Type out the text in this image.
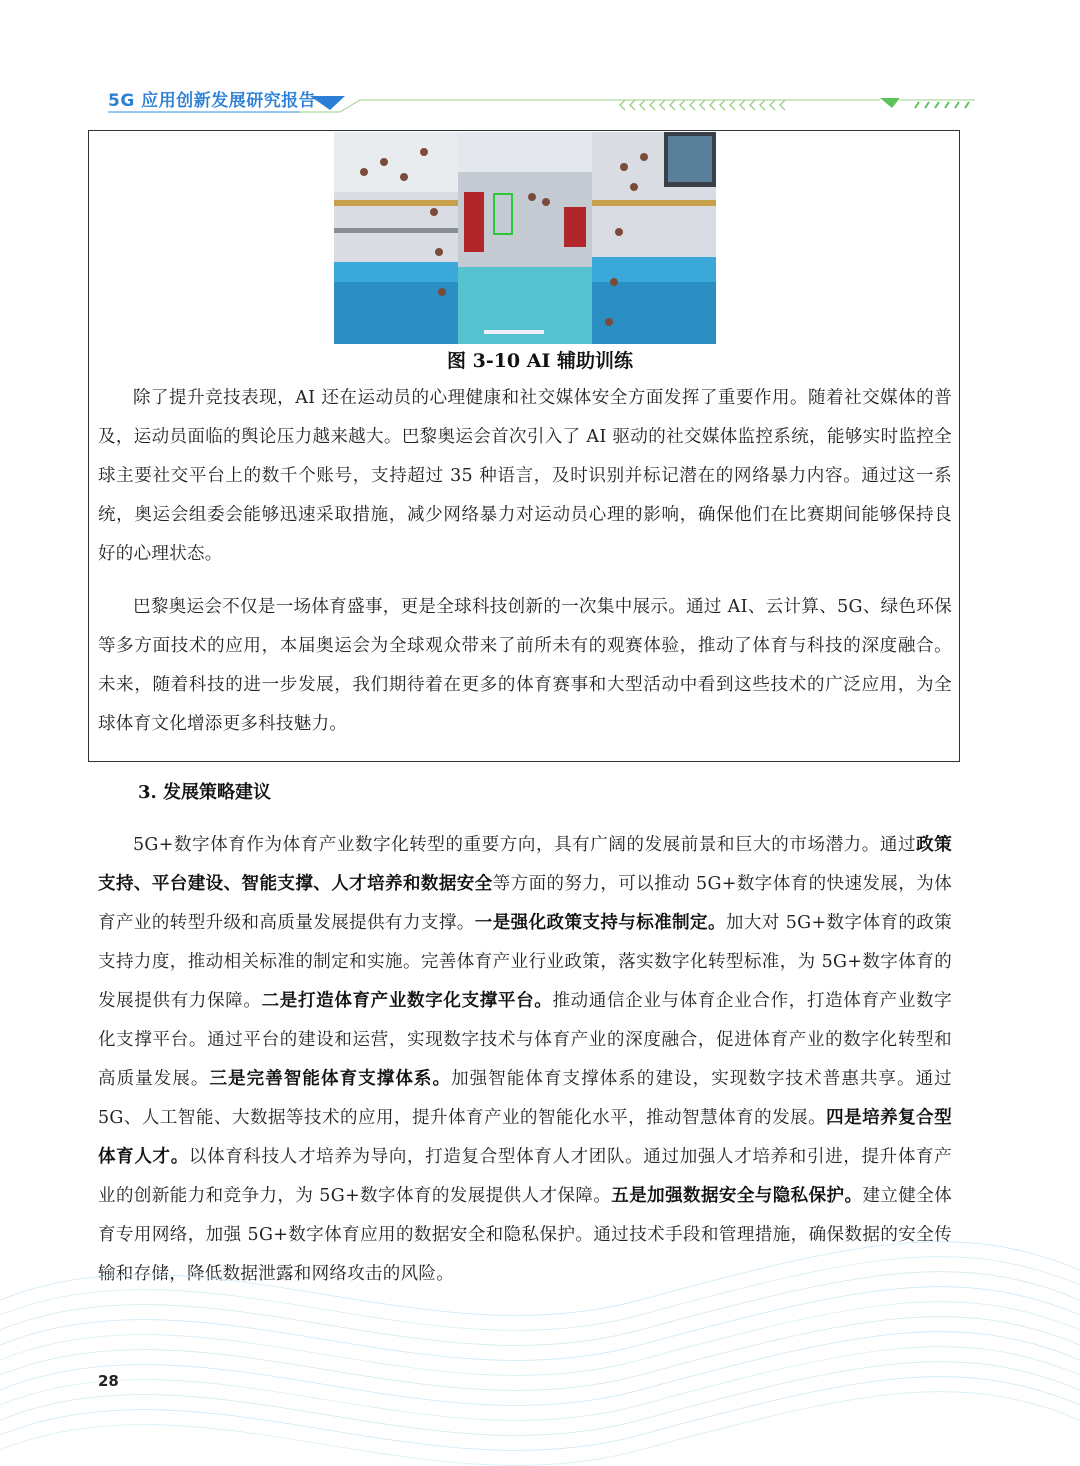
5G 应用创新发展研究报告
图 3-10 AI 辅助训练

除了提升竞技表现，AI 还在运动员的心理健康和社交媒体安全方面发挥了重要作用。随着社交媒体的普及，运动员面临的舆论压力越来越大。巴黎奥运会首次引入了 AI 驱动的社交媒体监控系统，能够实时监控全球主要社交平台上的数千个账号，支持超过 35 种语言，及时识别并标记潜在的网络暴力内容。通过这一系统，奥运会组委会能够迅速采取措施，减少网络暴力对运动员心理的影响，确保他们在比赛期间能够保持良好的心理状态。

巴黎奥运会不仅是一场体育盛事，更是全球科技创新的一次集中展示。通过 AI、云计算、5G、绿色环保等多方面技术的应用，本届奥运会为全球观众带来了前所未有的观赛体验，推动了体育与科技的深度融合。未来，随着科技的进一步发展，我们期待着在更多的体育赛事和大型活动中看到这些技术的广泛应用，为全球体育文化增添更多科技魅力。

3. 发展策略建议

5G+数字体育作为体育产业数字化转型的重要方向，具有广阔的发展前景和巨大的市场潜力。通过政策支持、平台建设、智能支撑、人才培养和数据安全等方面的努力，可以推动 5G+数字体育的快速发展，为体育产业的转型升级和高质量发展提供有力支撑。一是强化政策支持与标准制定。加大对 5G+数字体育的政策支持力度，推动相关标准的制定和实施。完善体育产业行业政策，落实数字化转型标准，为 5G+数字体育的发展提供有力保障。二是打造体育产业数字化支撑平台。推动通信企业与体育企业合作，打造体育产业数字化支撑平台。通过平台的建设和运营，实现数字技术与体育产业的深度融合，促进体育产业的数字化转型和高质量发展。三是完善智能体育支撑体系。加强智能体育支撑体系的建设，实现数字技术普惠共享。通过 5G、人工智能、大数据等技术的应用，提升体育产业的智能化水平，推动智慧体育的发展。四是培养复合型体育人才。以体育科技人才培养为导向，打造复合型体育人才团队。通过加强人才培养和引进，提升体育产业的创新能力和竞争力，为 5G+数字体育的发展提供人才保障。五是加强数据安全与隐私保护。建立健全体育专用网络，加强 5G+数字体育应用的数据安全和隐私保护。通过技术手段和管理措施，确保数据的安全传输和存储，降低数据泄露和网络攻击的风险。

28
